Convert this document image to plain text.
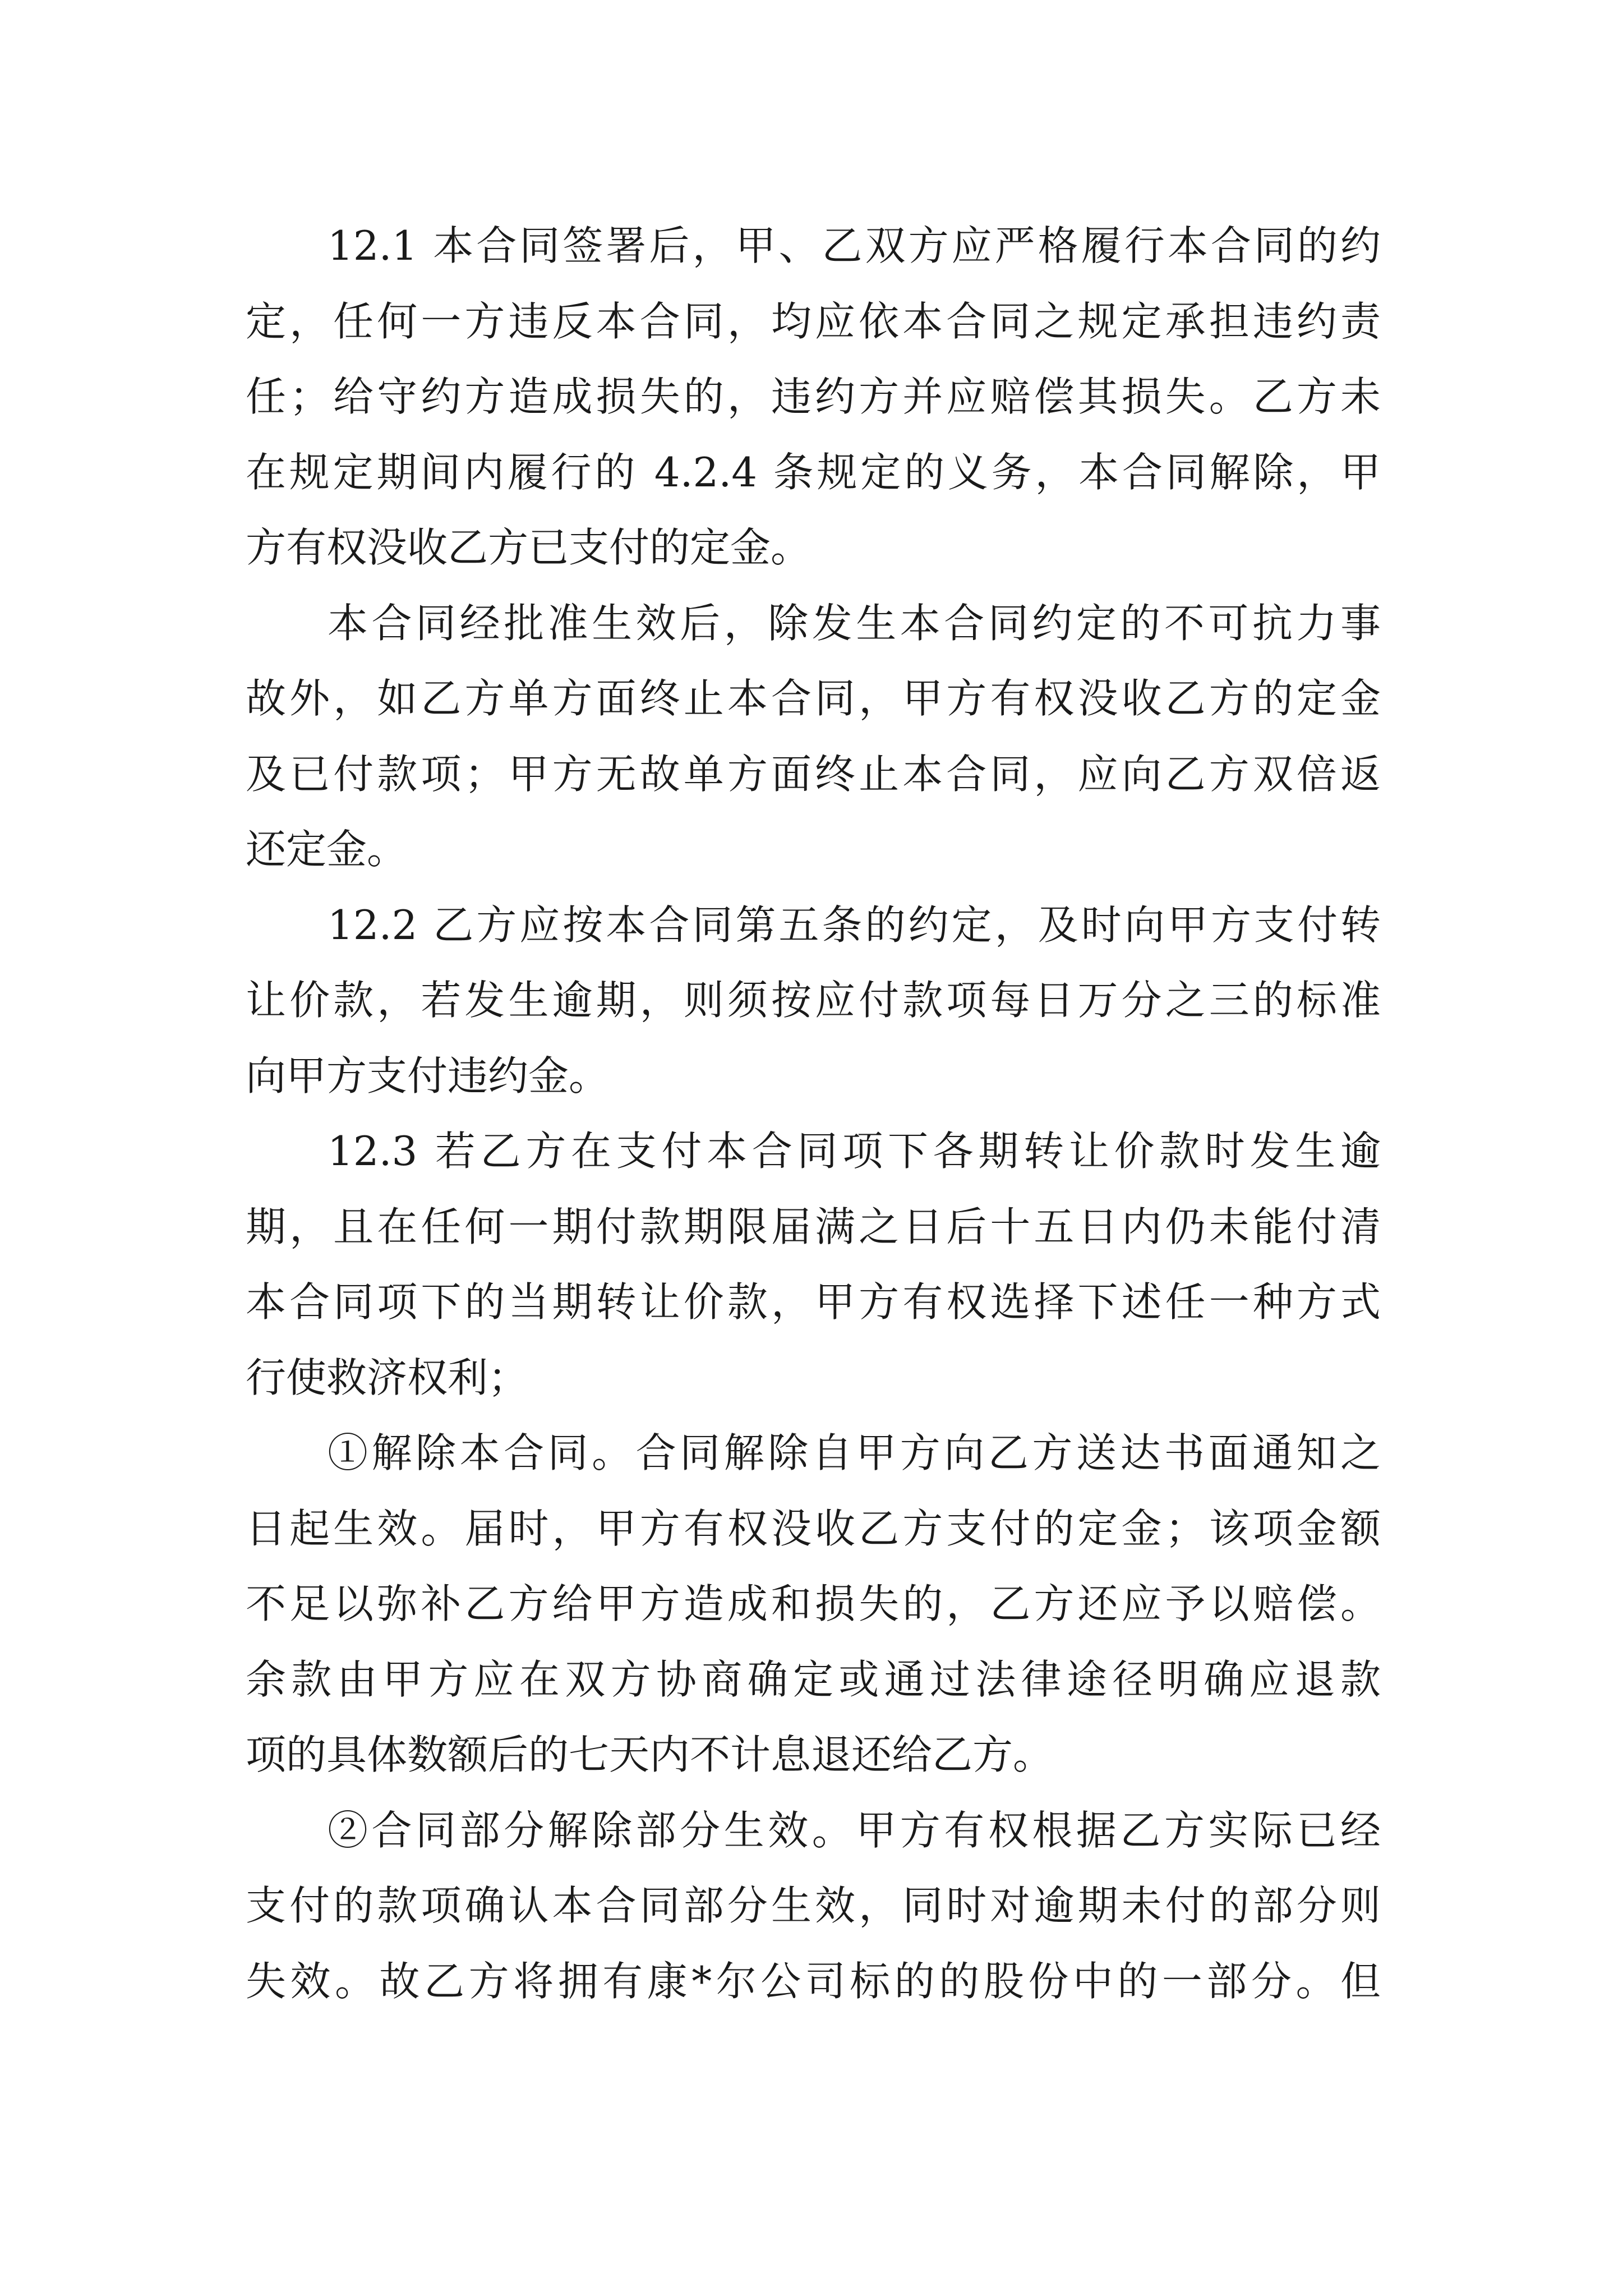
12.1 本合同签署后，甲、乙双方应严格履行本合同的约

定，任何一方违反本合同，均应依本合同之规定承担违约责

任；给守约方造成损失的，违约方并应赔偿其损失。乙方未

在规定期间内履行的 4.2.4 条规定的义务，本合同解除，甲

方有权没收乙方已支付的定金。

本合同经批准生效后，除发生本合同约定的不可抗力事

故外，如乙方单方面终止本合同，甲方有权没收乙方的定金

及已付款项；甲方无故单方面终止本合同，应向乙方双倍返

还定金。

12.2 乙方应按本合同第五条的约定，及时向甲方支付转

让价款，若发生逾期，则须按应付款项每日万分之三的标准

向甲方支付违约金。

12.3 若乙方在支付本合同项下各期转让价款时发生逾

期，且在任何一期付款期限届满之日后十五日内仍未能付清

本合同项下的当期转让价款，甲方有权选择下述任一种方式

行使救济权利；

①解除本合同。合同解除自甲方向乙方送达书面通知之

日起生效。届时，甲方有权没收乙方支付的定金；该项金额

不足以弥补乙方给甲方造成和损失的，乙方还应予以赔偿。

余款由甲方应在双方协商确定或通过法律途径明确应退款

项的具体数额后的七天内不计息退还给乙方。

②合同部分解除部分生效。甲方有权根据乙方实际已经

支付的款项确认本合同部分生效，同时对逾期未付的部分则

失效。故乙方将拥有康*尔公司标的的股份中的一部分。但
